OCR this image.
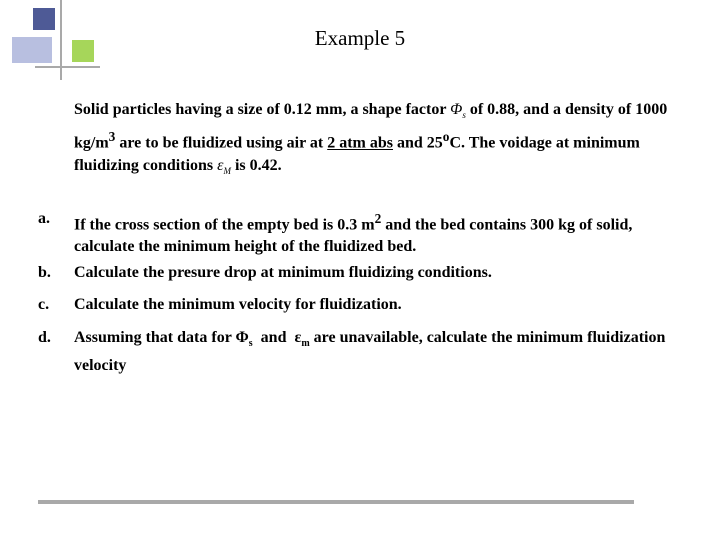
Example 5
Solid particles having a size of 0.12 mm, a shape factor $\Phi_s$ of 0.88, and a density of 1000 $kg/m^3$ are to be fluidized using air at 2 atm abs and 25$^o$C. The voidage at minimum fluidizing conditions $\varepsilon_M$ is 0.42.
a. If the cross section of the empty bed is 0.3 $m^2$ and the bed contains 300 kg of solid, calculate the minimum height of the fluidized bed.
b. Calculate the presure drop at minimum fluidizing conditions.
c. Calculate the minimum velocity for fluidization.
d. Assuming that data for $\Phi_s$ and $\varepsilon_m$ are unavailable, calculate the minimum fluidization velocity
